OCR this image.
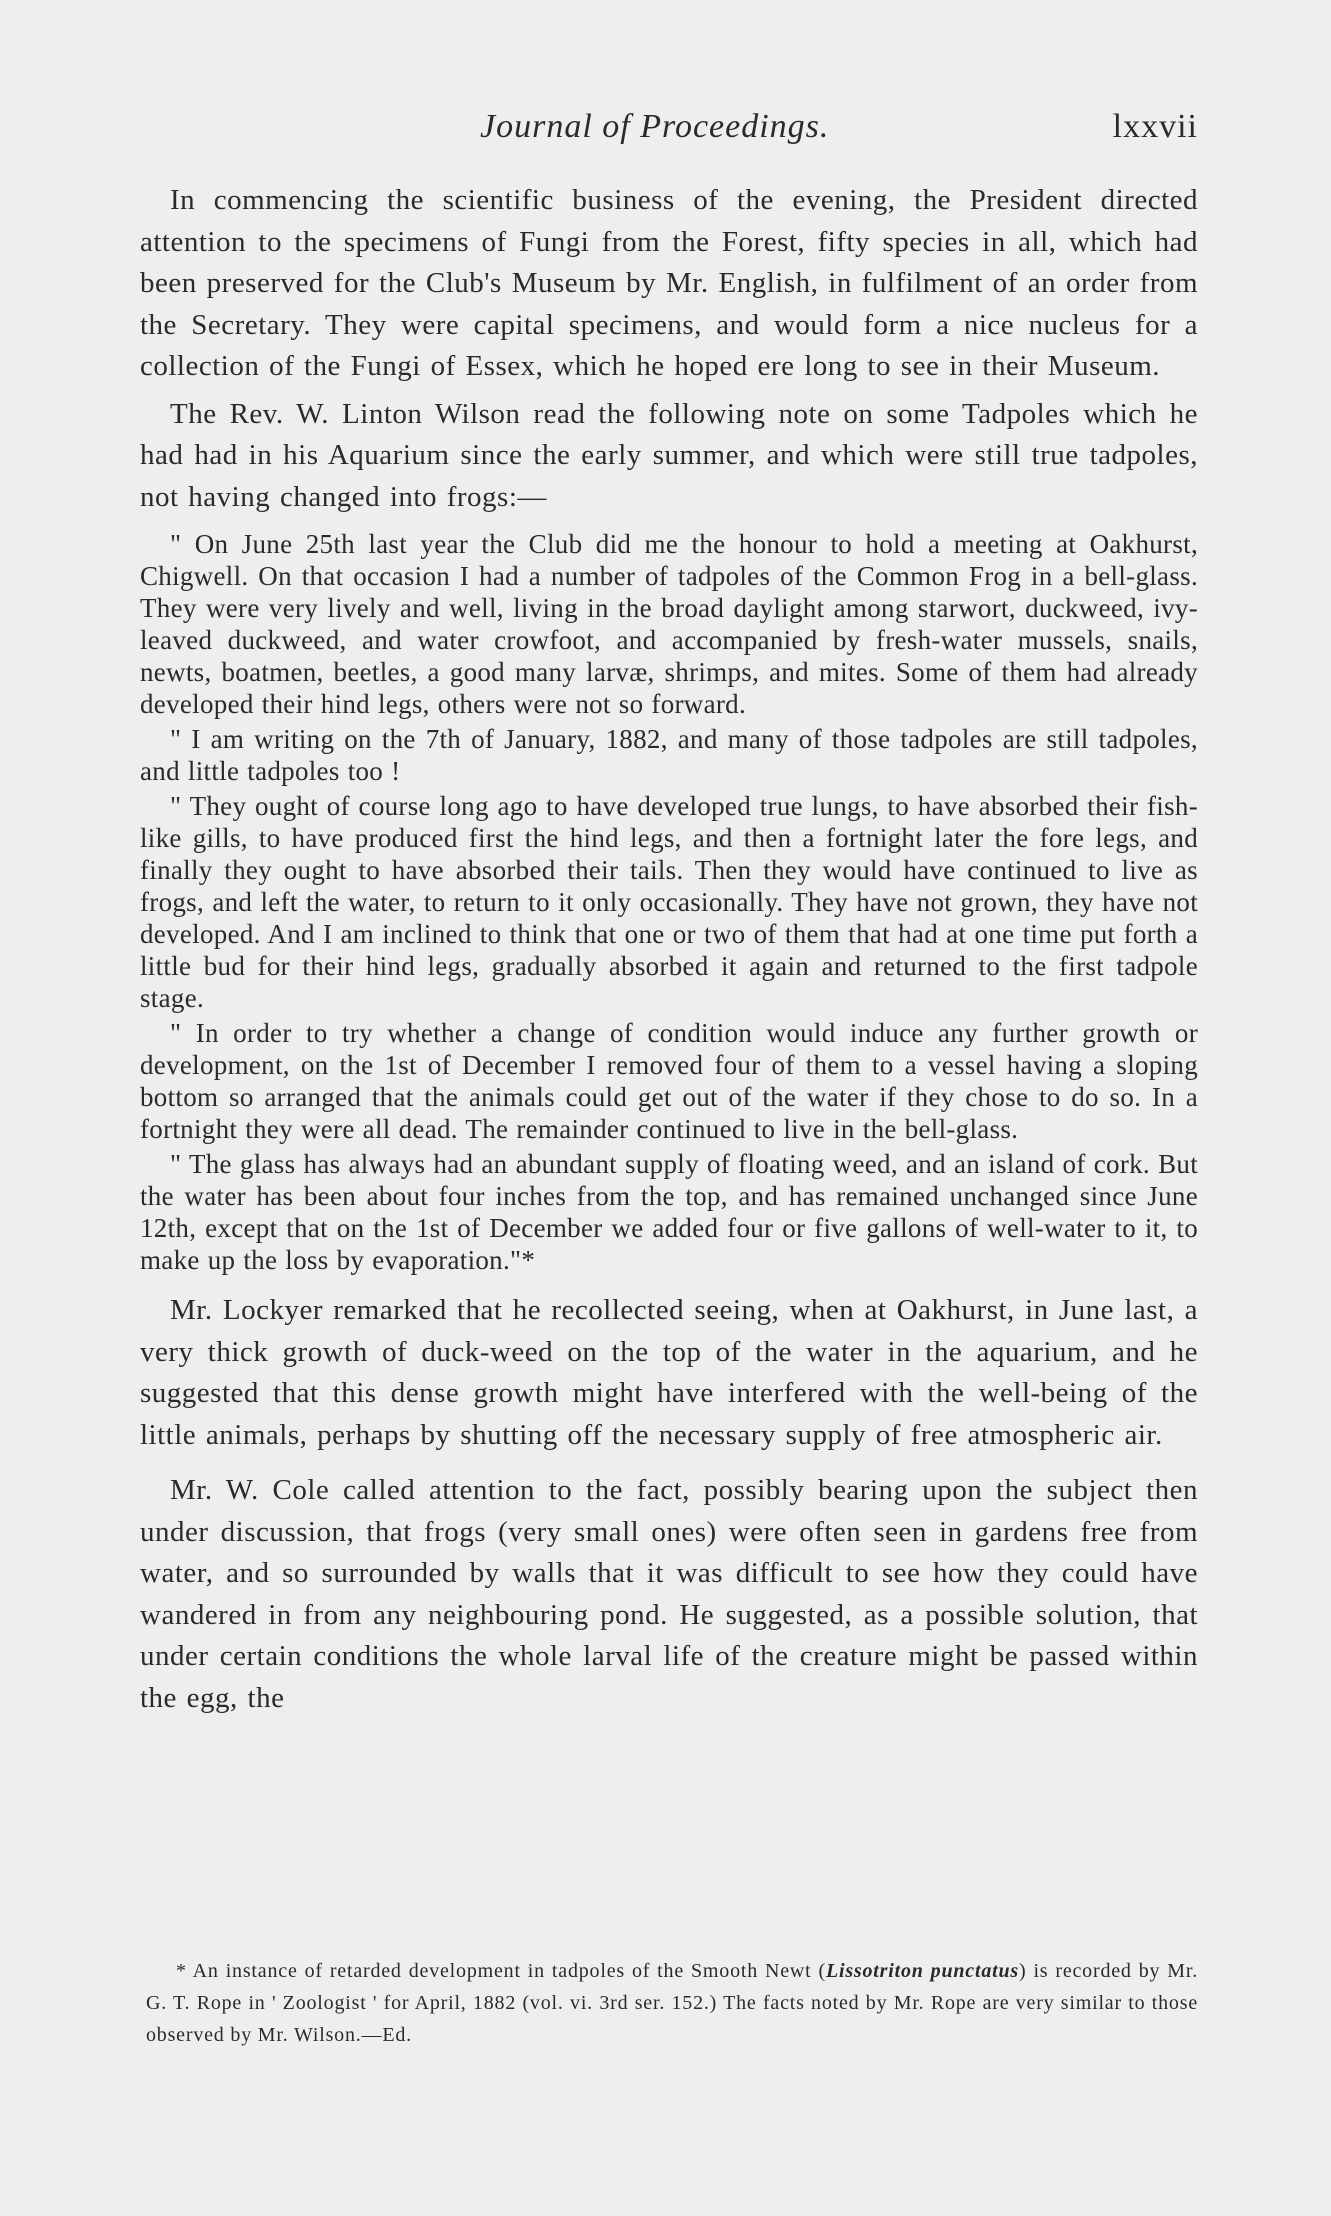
Journal of Proceedings.	lxxvii

In commencing the scientific business of the evening, the President directed attention to the specimens of Fungi from the Forest, fifty species in all, which had been preserved for the Club's Museum by Mr. English, in fulfilment of an order from the Secretary. They were capital specimens, and would form a nice nucleus for a collection of the Fungi of Essex, which he hoped ere long to see in their Museum.

The Rev. W. Linton Wilson read the following note on some Tadpoles which he had had in his Aquarium since the early summer, and which were still true tadpoles, not having changed into frogs:—

" On June 25th last year the Club did me the honour to hold a meeting at Oakhurst, Chigwell. On that occasion I had a number of tadpoles of the Common Frog in a bell-glass. They were very lively and well, living in the broad daylight among starwort, duckweed, ivy-leaved duckweed, and water crowfoot, and accompanied by fresh-water mussels, snails, newts, boatmen, beetles, a good many larvæ, shrimps, and mites. Some of them had already developed their hind legs, others were not so forward.

" I am writing on the 7th of January, 1882, and many of those tadpoles are still tadpoles, and little tadpoles too !

" They ought of course long ago to have developed true lungs, to have absorbed their fish-like gills, to have produced first the hind legs, and then a fortnight later the fore legs, and finally they ought to have absorbed their tails. Then they would have continued to live as frogs, and left the water, to return to it only occasionally. They have not grown, they have not developed. And I am inclined to think that one or two of them that had at one time put forth a little bud for their hind legs, gradually absorbed it again and returned to the first tadpole stage.

" In order to try whether a change of condition would induce any further growth or development, on the 1st of December I removed four of them to a vessel having a sloping bottom so arranged that the animals could get out of the water if they chose to do so. In a fortnight they were all dead. The remainder continued to live in the bell-glass.

" The glass has always had an abundant supply of floating weed, and an island of cork. But the water has been about four inches from the top, and has remained unchanged since June 12th, except that on the 1st of December we added four or five gallons of well-water to it, to make up the loss by evaporation."*

Mr. Lockyer remarked that he recollected seeing, when at Oakhurst, in June last, a very thick growth of duck-weed on the top of the water in the aquarium, and he suggested that this dense growth might have interfered with the well-being of the little animals, perhaps by shutting off the necessary supply of free atmospheric air.

Mr. W. Cole called attention to the fact, possibly bearing upon the subject then under discussion, that frogs (very small ones) were often seen in gardens free from water, and so surrounded by walls that it was difficult to see how they could have wandered in from any neighbouring pond. He suggested, as a possible solution, that under certain conditions the whole larval life of the creature might be passed within the egg, the

* An instance of retarded development in tadpoles of the Smooth Newt (Lissotriton punctatus) is recorded by Mr. G. T. Rope in ' Zoologist ' for April, 1882 (vol. vi. 3rd ser. 152.) The facts noted by Mr. Rope are very similar to those observed by Mr. Wilson.—Ed.
